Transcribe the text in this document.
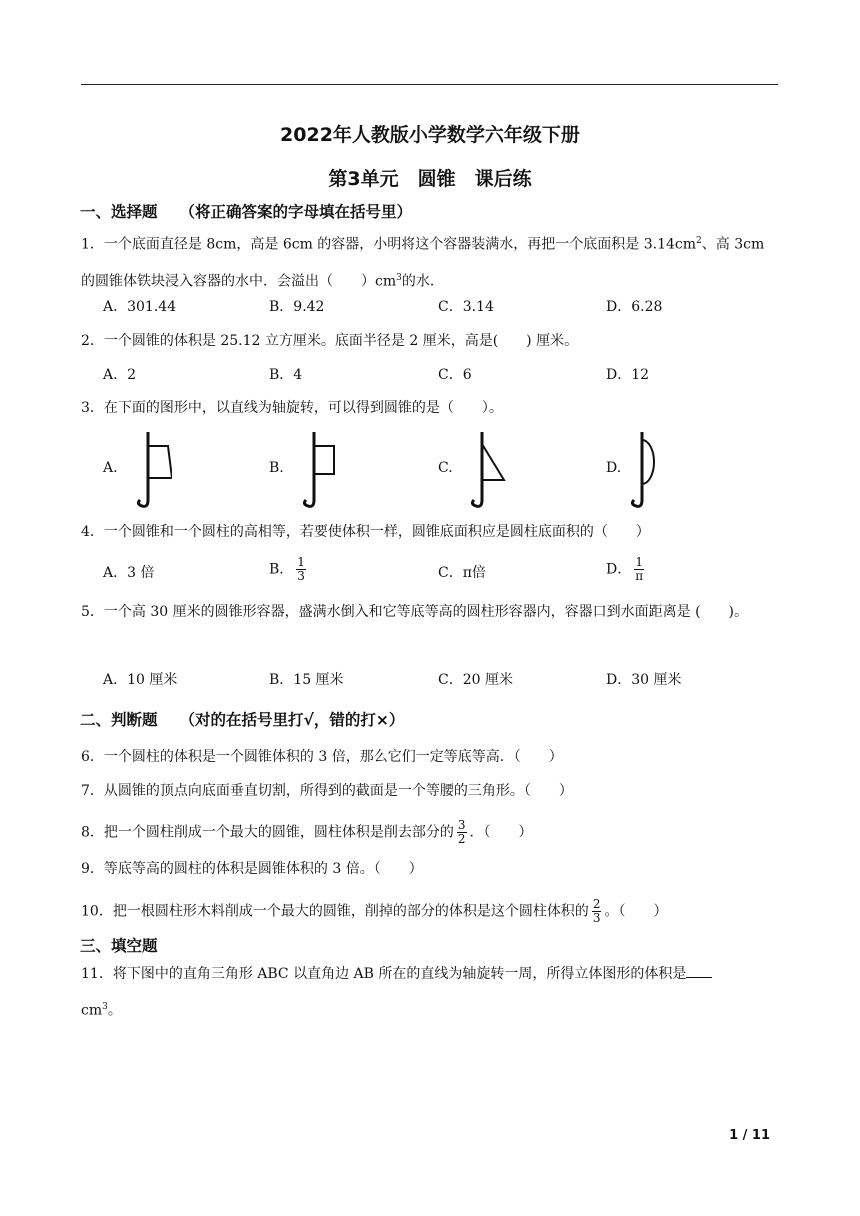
2022年人教版小学数学六年级下册
第3单元　圆锥　课后练
一、选择题 （将正确答案的字母填在括号里）
1．一个底面直径是 8cm，高是 6cm 的容器，小明将这个容器装满水，再把一个底面积是 $3.14cm^2$、高 3cm 的圆锥体铁块浸入容器的水中．会溢出（　　）$cm^3$的水．
A．301.44	B．9.42	C．3.14	D．6.28
2．一个圆锥的体积是 25.12 立方厘米。底面半径是 2 厘米，高是(　　) 厘米。
A．2	B．4	C．6	D．12
3．在下面的图形中，以直线为轴旋转，可以得到圆锥的是（　　）。
A.	B.	C.	D.
4．一个圆锥和一个圆柱的高相等，若要使体积一样，圆锥底面积应是圆柱底面积的（　　）
A．3 倍	B． $\frac{1}{3}$	C．π倍	D． $\frac{1}{\pi}$
5．一个高 30 厘米的圆锥形容器，盛满水倒入和它等底等高的圆柱形容器内，容器口到水面距离是 (　　)。
A．10 厘米	B．15 厘米	C．20 厘米	D．30 厘米
二、判断题 （对的在括号里打√，错的打×）
6．一个圆柱的体积是一个圆锥体积的 3 倍，那么它们一定等底等高．（　　）
7．从圆锥的顶点向底面垂直切割，所得到的截面是一个等腰的三角形。（　　）
8．把一个圆柱削成一个最大的圆锥，圆柱体积是削去部分的 $\frac{3}{2}$ ．（　　）
9．等底等高的圆柱的体积是圆锥体积的 3 倍。（　　）
10．把一根圆柱形木料削成一个最大的圆锥，削掉的部分的体积是这个圆柱体积的 $\frac{2}{3}$ 。（　　）
三、填空题
11．将下图中的直角三角形 ABC 以直角边 AB 所在的直线为轴旋转一周，所得立体图形的体积是
$cm^3$。
1 / 11
